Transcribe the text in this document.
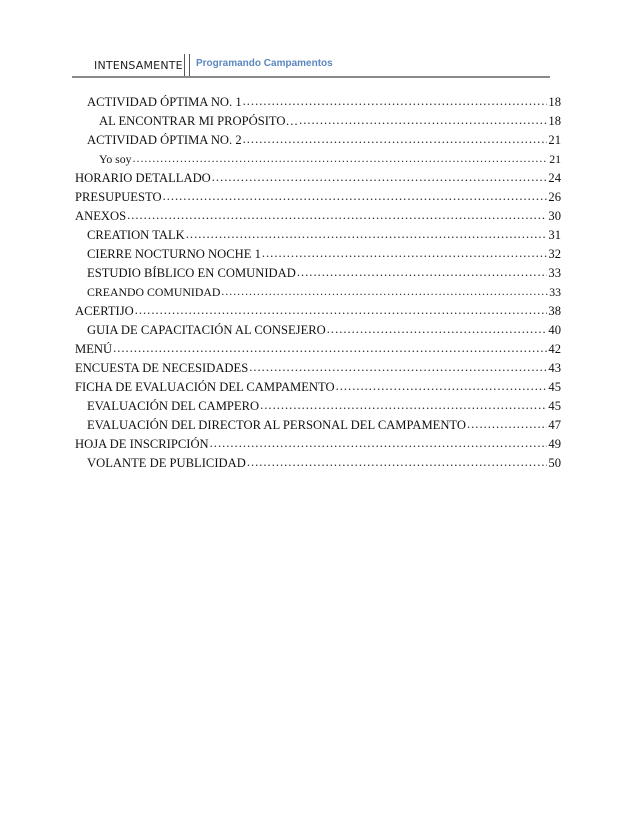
INTENSAMENTE Programando Campamentos
ACTIVIDAD ÓPTIMA NO. 1 .....	18
AL ENCONTRAR MI PROPÓSITO… .....	18
ACTIVIDAD ÓPTIMA NO. 2 .....	21
Yo soy .....	21
HORARIO DETALLADO .....	24
PRESUPUESTO .....	26
ANEXOS .....	30
CREATION TALK .....	31
CIERRE NOCTURNO NOCHE 1 .....	32
ESTUDIO BÍBLICO EN COMUNIDAD .....	33
CREANDO COMUNIDAD .....	33
ACERTIJO .....	38
GUIA DE CAPACITACIÓN AL CONSEJERO .....	40
MENÚ .....	42
ENCUESTA DE NECESIDADES .....	43
FICHA DE EVALUACIÓN DEL CAMPAMENTO .....	45
EVALUACIÓN DEL CAMPERO .....	45
EVALUACIÓN DEL DIRECTOR AL PERSONAL DEL CAMPAMENTO .....	47
HOJA DE INSCRIPCIÓN .....	49
VOLANTE DE PUBLICIDAD .....	50
